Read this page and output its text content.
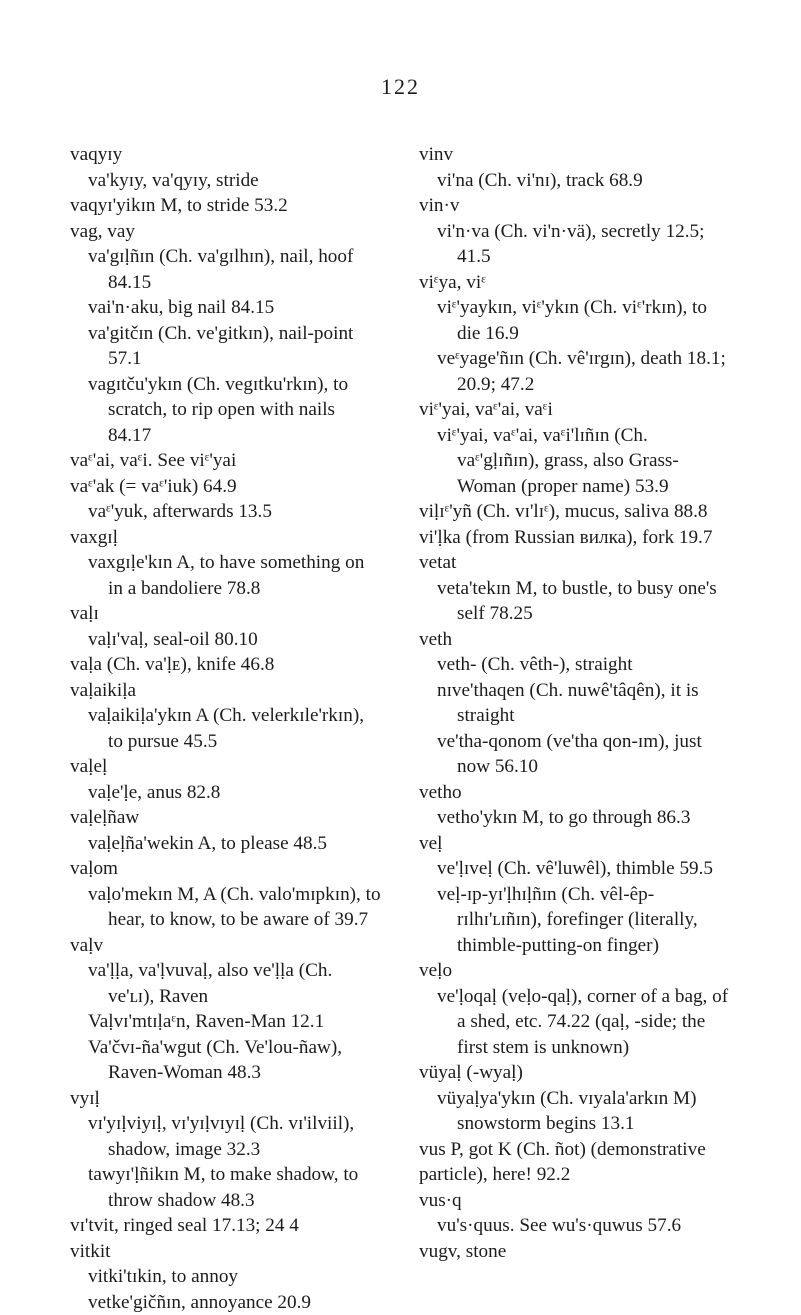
122

vaqyɪy

va'kyɪy, va'qyɪy, stride

vaqyɪ'yikɪn M, to stride 53.2

vag, vay

va'gɪḷñɪn (Ch. va'gɪlhɪn), nail, hoof 84.15

vai'n·aku, big nail 84.15

va'gitčɪn (Ch. ve'gitkɪn), nail-point 57.1

vagɪtču'ykɪn (Ch. vegɪtku'rkɪn), to scratch, to rip open with nails 84.17

vaᵋ'ai, vaᵋi. See viᵋ'yai

vaᵋ'ak (= vaᵋ'iuk) 64.9

vaᵋ'yuk, afterwards 13.5

vaxgɪḷ

vaxgɪḷe'kɪn A, to have something on in a bandoliere 78.8

vaḷɪ

vaḷɪ'vaḷ, seal-oil 80.10

vaḷa (Ch. va'ḷᴇ), knife 46.8

vaḷaikiḷa

vaḷaikiḷa'ykɪn A (Ch. velerkɪle'rkɪn), to pursue 45.5

vaḷeḷ

vaḷe'ḷe, anus 82.8

vaḷeḷñaw

vaḷeḷña'wekin A, to please 48.5

vaḷom

vaḷo'mekɪn M, A (Ch. valo'mɪpkɪn), to hear, to know, to be aware of 39.7

vaḷv

va'ḷḷa, va'ḷvuvaḷ, also ve'ḷḷa (Ch. ve'ʟɪ), Raven

Vaḷvɪ'mtɪḷaᵋn, Raven-Man 12.1

Va'čvɪ-ña'wgut (Ch. Ve'lou-ñaw), Raven-Woman 48.3

vyɪḷ

vɪ'yɪḷviyɪḷ, vɪ'yɪḷvɪyɪḷ (Ch. vɪ'ilviil), shadow, image 32.3

tawyɪ'ḷñikɪn M, to make shadow, to throw shadow 48.3

vɪ'tvit, ringed seal 17.13; 24 4

vitkit

vitki'tɪkin, to annoy

vetke'gičñɪn, annoyance 20.9

vinv

vi'na (Ch. vi'nɪ), track 68.9

vin·v

vi'n·va (Ch. vi'n·vä), secretly 12.5; 41.5

viᵋya, viᵋ

viᵋ'yaykɪn, viᵋ'ykɪn (Ch. viᵋ'rkɪn), to die 16.9

veᵋyage'ñɪn (Ch. vê'ɪrgɪn), death 18.1; 20.9; 47.2

viᵋ'yai, vaᵋ'ai, vaᵋi

viᵋ'yai, vaᵋ'ai, vaᵋi'lɪñɪn (Ch. vaᵋ'gḷɪñɪn), grass, also Grass-Woman (proper name) 53.9

viḷɪᵋ'yñ (Ch. vɪ'lɪᵋ), mucus, saliva 88.8

vi'ḷka (from Russian вилка), fork 19.7

vetat

veta'tekɪn M, to bustle, to busy one's self 78.25

veth

veth- (Ch. vêth-), straight

nɪve'thaqen (Ch. nuwê'tâqên), it is straight

ve'tha-qonom (ve'tha qon-ɪm), just now 56.10

vetho

vetho'ykɪn M, to go through 86.3

veḷ

ve'ḷɪveḷ (Ch. vê'luwêl), thimble 59.5

veḷ-ɪp-yɪ'ḷhɪḷñɪn (Ch. vêl-êp-rɪlhɪ'ʟɪñɪn), forefinger (literally, thimble-putting-on finger)

veḷo

ve'ḷoqaḷ (veḷo-qaḷ), corner of a bag, of a shed, etc. 74.22 (qaḷ, -side; the first stem is unknown)

vüyaḷ (-wyaḷ)

vüyaḷya'ykɪn (Ch. vɪyala'arkɪn M) snowstorm begins 13.1

vus P, got K (Ch. ñot) (demonstrative particle), here! 92.2

vus·q

vu's·quus. See wu's·quwus 57.6

vugv, stone
